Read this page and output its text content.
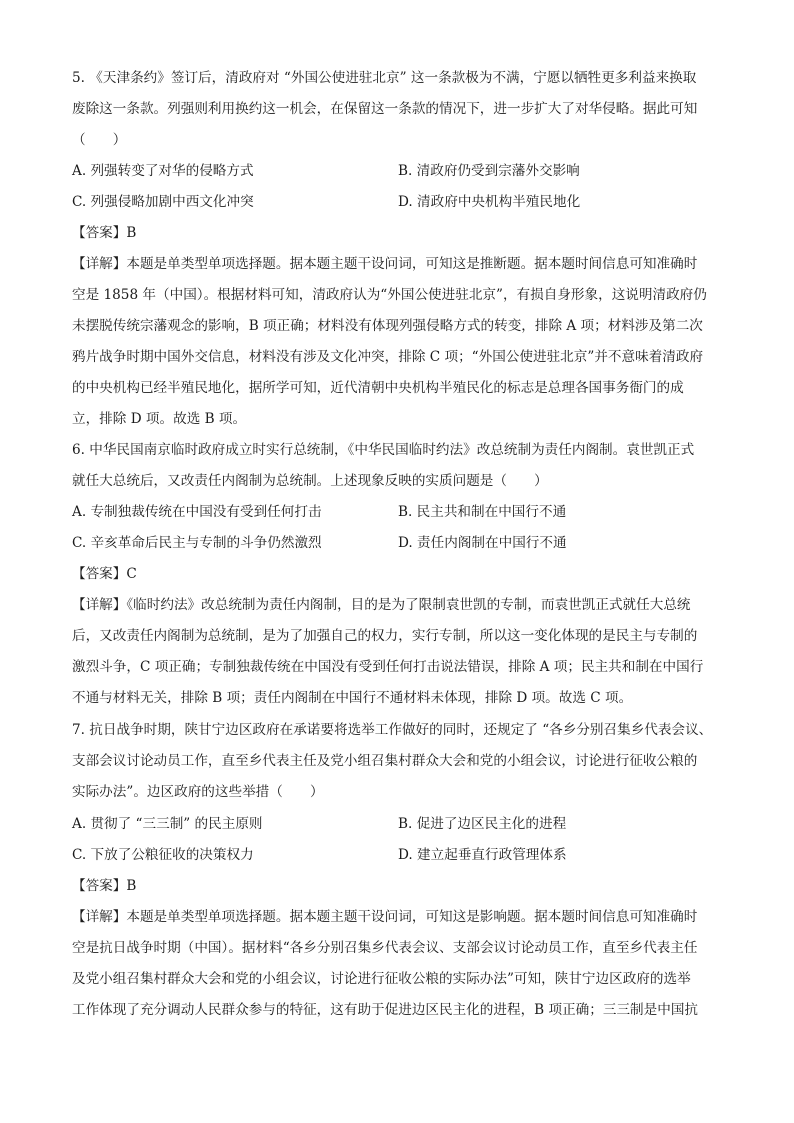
5. 《天津条约》签订后，清政府对 “外国公使进驻北京” 这一条款极为不满，宁愿以牺牲更多利益来换取
废除这一条款。列强则利用换约这一机会，在保留这一条款的情况下，进一步扩大了对华侵略。据此可知
（　　）
A. 列强转变了对华的侵略方式	B. 清政府仍受到宗藩外交影响
C. 列强侵略加剧中西文化冲突	D. 清政府中央机构半殖民地化
【答案】B
【详解】本题是单类型单项选择题。据本题主题干设问词，可知这是推断题。据本题时间信息可知准确时
空是 1858 年（中国）。根据材料可知，清政府认为“外国公使进驻北京”，有损自身形象，这说明清政府仍
未摆脱传统宗藩观念的影响，B 项正确；材料没有体现列强侵略方式的转变，排除 A 项；材料涉及第二次
鸦片战争时期中国外交信息，材料没有涉及文化冲突，排除 C 项；“外国公使进驻北京”并不意味着清政府
的中央机构已经半殖民地化，据所学可知，近代清朝中央机构半殖民化的标志是总理各国事务衙门的成
立，排除 D 项。故选 B 项。
6. 中华民国南京临时政府成立时实行总统制，《中华民国临时约法》改总统制为责任内阁制。袁世凯正式
就任大总统后，又改责任内阁制为总统制。上述现象反映的实质问题是（　　）
A. 专制独裁传统在中国没有受到任何打击	B. 民主共和制在中国行不通
C. 辛亥革命后民主与专制的斗争仍然激烈	D. 责任内阁制在中国行不通
【答案】C
【详解】《临时约法》改总统制为责任内阁制，目的是为了限制袁世凯的专制，而袁世凯正式就任大总统
后，又改责任内阁制为总统制，是为了加强自己的权力，实行专制，所以这一变化体现的是民主与专制的
激烈斗争，C 项正确；专制独裁传统在中国没有受到任何打击说法错误，排除 A 项；民主共和制在中国行
不通与材料无关，排除 B 项；责任内阁制在中国行不通材料未体现，排除 D 项。故选 C 项。
7. 抗日战争时期，陕甘宁边区政府在承诺要将选举工作做好的同时，还规定了 “各乡分别召集乡代表会议、
支部会议讨论动员工作，直至乡代表主任及党小组召集村群众大会和党的小组会议，讨论进行征收公粮的
实际办法”。边区政府的这些举措（　　）
A. 贯彻了 “三三制” 的民主原则	B. 促进了边区民主化的进程
C. 下放了公粮征收的决策权力	D. 建立起垂直行政管理体系
【答案】B
【详解】本题是单类型单项选择题。据本题主题干设问词，可知这是影响题。据本题时间信息可知准确时
空是抗日战争时期（中国）。据材料“各乡分别召集乡代表会议、支部会议讨论动员工作，直至乡代表主任
及党小组召集村群众大会和党的小组会议，讨论进行征收公粮的实际办法”可知，陕甘宁边区政府的选举
工作体现了充分调动人民群众参与的特征，这有助于促进边区民主化的进程，B 项正确；三三制是中国抗
